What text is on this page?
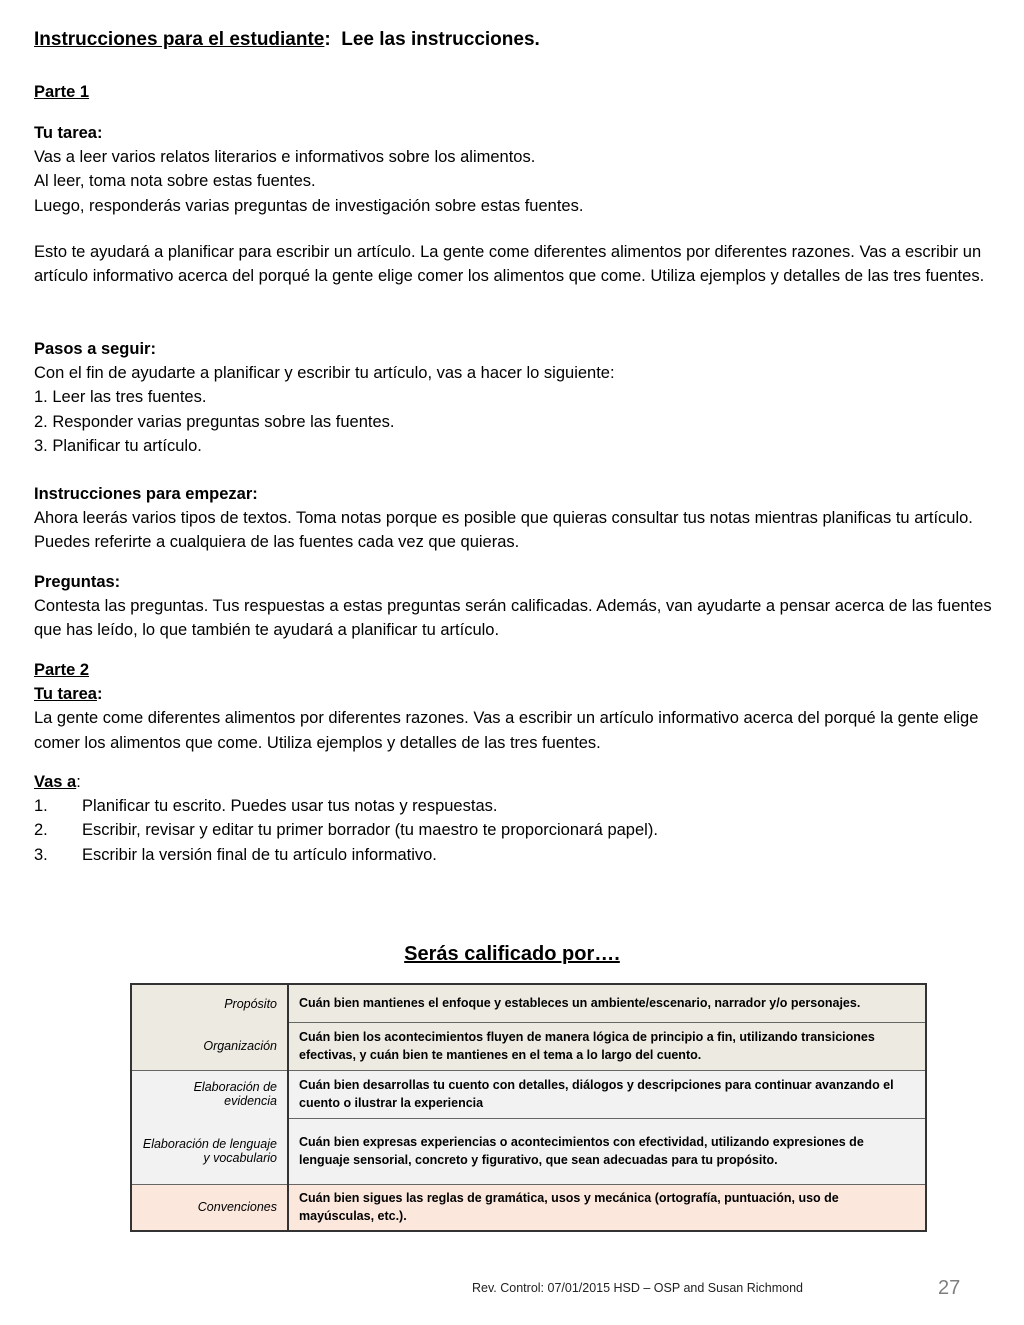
Instrucciones para el estudiante:  Lee las instrucciones.
Parte 1

Tu tarea:

Vas a leer varios relatos literarios e informativos sobre los alimentos.

Al leer, toma nota sobre estas fuentes.

Luego, responderás varias preguntas de investigación sobre estas fuentes.

Esto te ayudará a planificar para escribir un artículo. La gente come diferentes alimentos por diferentes razones. Vas a escribir un artículo informativo acerca del porqué la gente elige comer los alimentos que come. Utiliza ejemplos y detalles de las tres fuentes.

Pasos a seguir:

Con el fin de ayudarte a planificar y escribir tu artículo, vas a hacer lo siguiente:

1. Leer las tres fuentes.

2. Responder varias preguntas sobre las fuentes.

3. Planificar tu artículo.

Instrucciones para empezar:

Ahora leerás varios tipos de textos. Toma notas porque es posible que quieras consultar tus notas mientras planificas tu artículo. Puedes referirte a cualquiera de las fuentes cada vez que quieras.

Preguntas:

Contesta las preguntas. Tus respuestas a estas preguntas serán calificadas. Además, van ayudarte a pensar acerca de las fuentes que has leído, lo que también te ayudará a planificar tu artículo.

Parte 2

Tu tarea:

La gente come diferentes alimentos por diferentes razones. Vas a escribir un artículo informativo acerca del porqué la gente elige comer los alimentos que come. Utiliza ejemplos y detalles de las tres fuentes.

Vas a:

1.	Planificar tu escrito. Puedes usar tus notas y respuestas.
2.	Escribir, revisar y editar tu primer borrador (tu maestro te proporcionará papel).
3.	Escribir la versión final de tu artículo informativo.
Serás calificado por….
Propósito	Cuán bien mantienes el enfoque y estableces un ambiente/escenario, narrador y/o personajes.
Organización	Cuán bien los acontecimientos fluyen de manera lógica de principio a fin, utilizando transiciones efectivas, y cuán bien te mantienes en el tema a lo largo del cuento.
Elaboración de evidencia	Cuán bien desarrollas tu cuento con detalles, diálogos y descripciones para continuar avanzando el cuento o ilustrar la experiencia
Elaboración de lenguaje y vocabulario	Cuán bien expresas experiencias o acontecimientos con efectividad, utilizando expresiones de lenguaje sensorial, concreto y figurativo, que sean adecuadas para tu propósito.
Convenciones	Cuán bien sigues las reglas de gramática, usos y mecánica (ortografía, puntuación, uso de mayúsculas, etc.).
Rev. Control: 07/01/2015 HSD – OSP and Susan Richmond	27
